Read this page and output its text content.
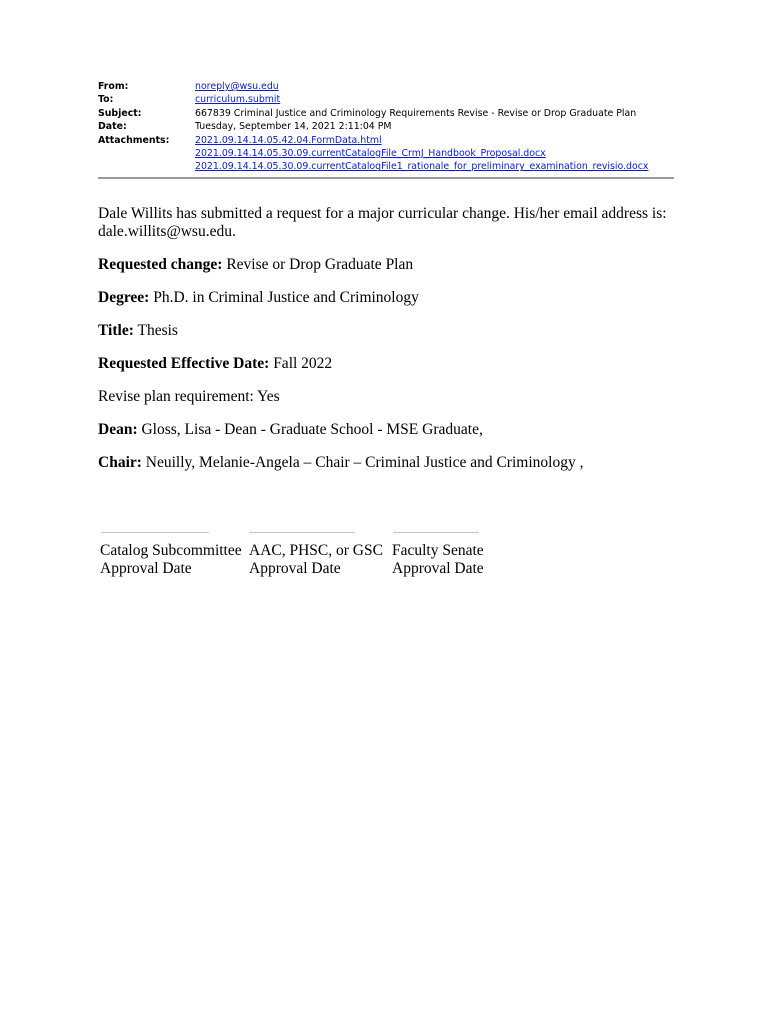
From:	noreply@wsu.edu
To:	curriculum.submit
Subject:	667839 Criminal Justice and Criminology Requirements Revise - Revise or Drop Graduate Plan
Date:	Tuesday, September 14, 2021 2:11:04 PM
Attachments:	2021.09.14.14.05.42.04.FormData.html
2021.09.14.14.05.30.09.currentCatalogFile_CrmJ_Handbook_Proposal.docx
2021.09.14.14.05.30.09.currentCatalogFile1_rationale_for_preliminary_examination_revisio.docx
Dale Willits has submitted a request for a major curricular change. His/her email address is:
dale.willits@wsu.edu.
Requested change: Revise or Drop Graduate Plan
Degree: Ph.D. in Criminal Justice and Criminology
Title: Thesis
Requested Effective Date: Fall 2022
Revise plan requirement: Yes
Dean: Gloss, Lisa - Dean - Graduate School - MSE Graduate,
Chair: Neuilly, Melanie-Angela – Chair – Criminal Justice and Criminology ,
Catalog Subcommittee
Approval Date
AAC, PHSC, or GSC
Approval Date
Faculty Senate
Approval Date
